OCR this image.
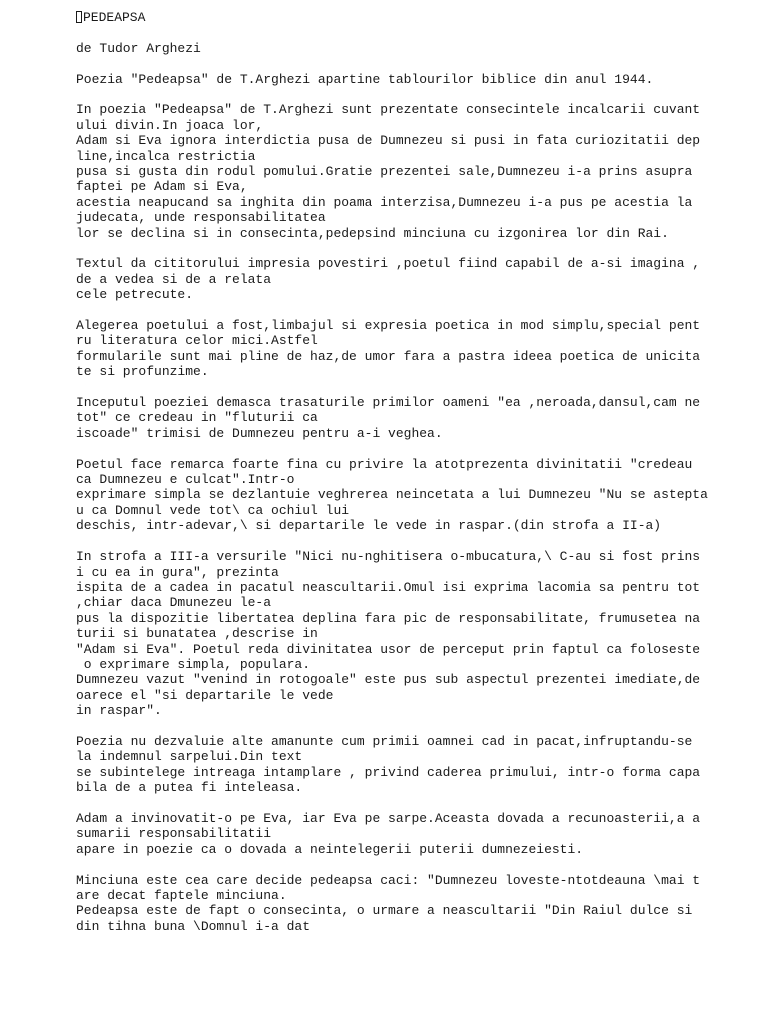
PEDEAPSA
de Tudor Arghezi
Poezia "Pedeapsa" de T.Arghezi apartine tablourilor biblice din anul 1944.
In poezia "Pedeapsa" de T.Arghezi sunt prezentate consecintele incalcarii cuvant
ului divin.In joaca lor,
Adam si Eva ignora interdictia pusa de Dumnezeu si pusi in fata curiozitatii dep
line,incalca restrictia
pusa si gusta din rodul pomului.Gratie prezentei sale,Dumnezeu i-a prins asupra
faptei pe Adam si Eva,
acestia neapucand sa inghita din poama interzisa,Dumnezeu i-a pus pe acestia la
judecata, unde responsabilitatea
lor se declina si in consecinta,pedepsind minciuna cu izgonirea lor din Rai.
Textul da cititorului impresia povestiri ,poetul fiind capabil de a-si imagina ,
de a vedea si de a relata
cele petrecute.
Alegerea poetului a fost,limbajul si expresia poetica in mod simplu,special pent
ru literatura celor mici.Astfel
formularile sunt mai pline de haz,de umor fara a pastra ideea poetica de unicita
te si profunzime.
Inceputul poeziei demasca trasaturile primilor oameni "ea ,neroada,dansul,cam ne
tot" ce credeau in "fluturii ca
iscoade" trimisi de Dumnezeu pentru a-i veghea.
Poetul face remarca foarte fina cu privire la atotprezenta divinitatii "credeau
ca Dumnezeu e culcat".Intr-o
exprimare simpla se dezlantuie veghrerea neincetata a lui Dumnezeu "Nu se astepta
u ca Domnul vede tot\ ca ochiul lui
deschis, intr-adevar,\ si departarile le vede in raspar.(din strofa a II-a)
In strofa a III-a versurile "Nici nu-nghitisera o-mbucatura,\ C-au si fost prins
i cu ea in gura", prezinta
ispita de a cadea in pacatul neascultarii.Omul isi exprima lacomia sa pentru tot
,chiar daca Dmunezeu le-a
pus la dispozitie libertatea deplina fara pic de responsabilitate, frumusetea na
turii si bunatatea ,descrise in
"Adam si Eva". Poetul reda divinitatea usor de perceput prin faptul ca foloseste
o exprimare simpla, populara.
Dumnezeu vazut "venind in rotogoale" este pus sub aspectul prezentei imediate,de
oarece el "si departarile le vede
in raspar".
Poezia nu dezvaluie alte amanunte cum primii oamnei cad in pacat,infruptandu-se
la indemnul sarpelui.Din text
se subintelege intreaga intamplare , privind caderea primului, intr-o forma capa
bila de a putea fi inteleasa.
Adam a invinovatit-o pe Eva, iar Eva pe sarpe.Aceasta dovada a recunoasterii,a a
sumarii responsabilitatii
apare in poezie ca o dovada a neintelegerii puterii dumnezeiesti.
Minciuna este cea care decide pedeapsa caci: "Dumnezeu loveste-ntotdeauna \mai t
are decat faptele minciuna.
Pedeapsa este de fapt o consecinta, o urmare a neascultarii "Din Raiul dulce si
din tihna buna \Domnul i-a dat
